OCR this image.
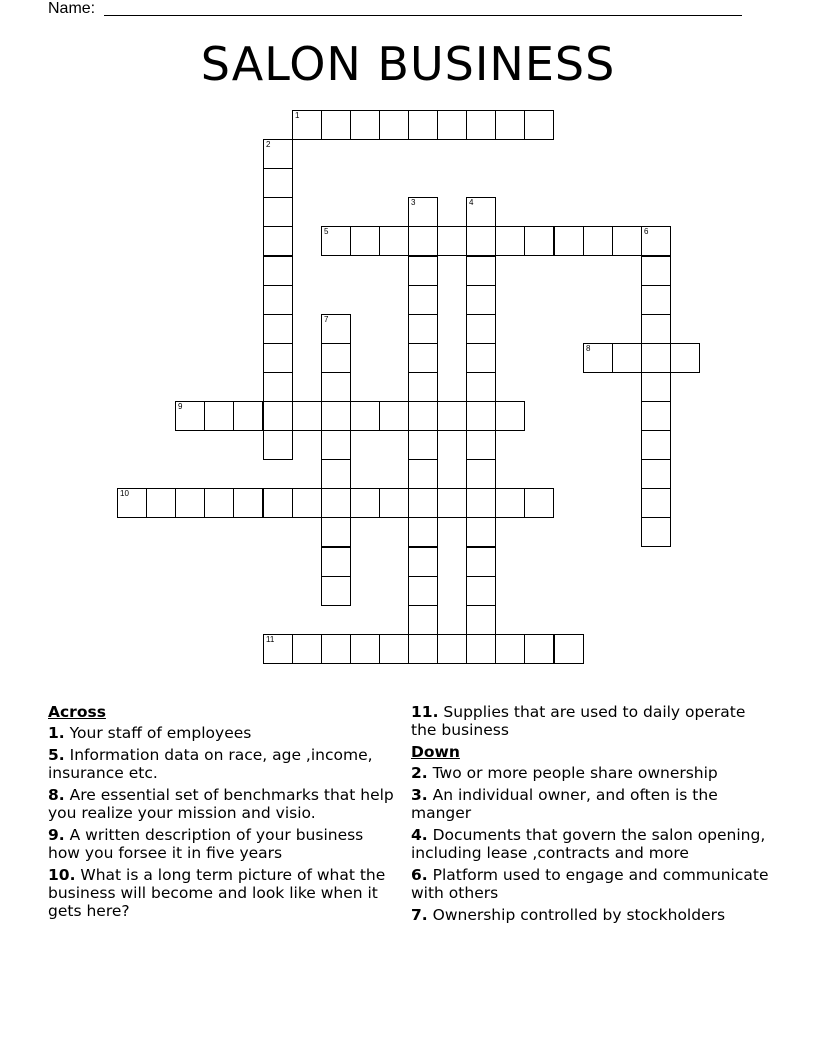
Name:
SALON BUSINESS
1
2
3	4
5	6
7
8
9
10
11
Across
1. Your staff of employees
5. Information data on race, age ,income, insurance etc.
8. Are essential set of benchmarks that help you realize your mission and visio.
9. A written description of your business how you forsee it in five years
10. What is a long term picture of what the business will become and look like when it gets here?
11. Supplies that are used to daily operate the business
Down
2. Two or more people share ownership
3. An individual owner, and often is the manger
4. Documents that govern the salon opening, including lease ,contracts and more
6. Platform used to engage and communicate with others
7. Ownership controlled by stockholders
